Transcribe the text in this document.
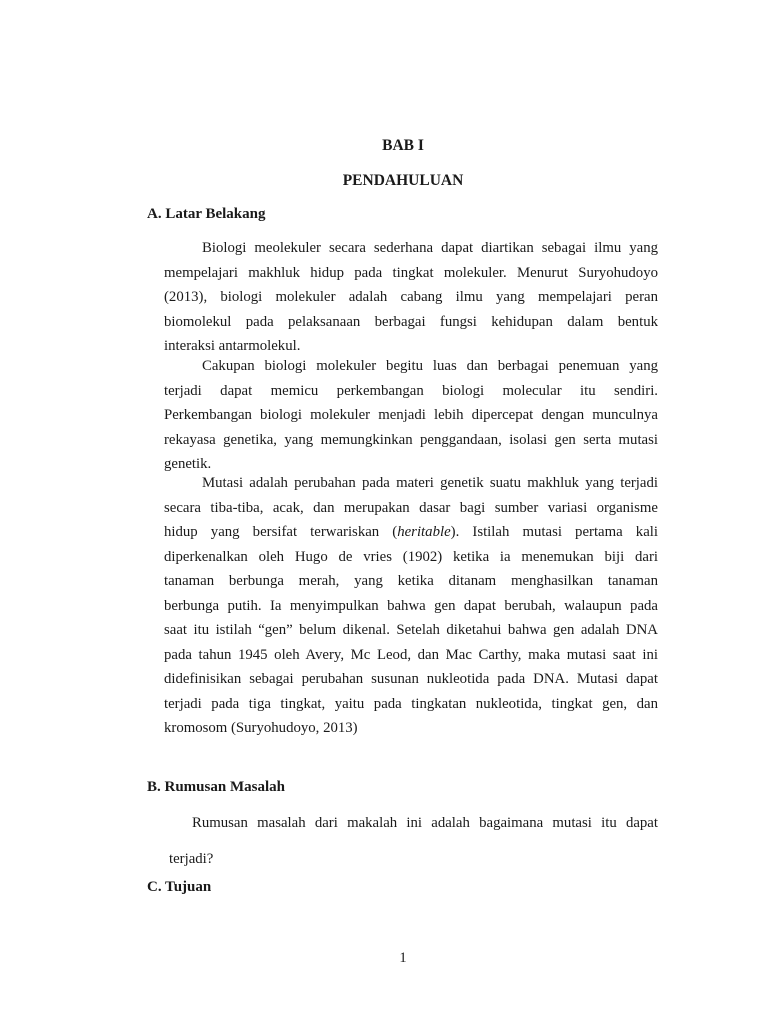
BAB I
PENDAHULUAN
A. Latar Belakang
Biologi meolekuler secara sederhana dapat diartikan sebagai ilmu yang
mempelajari makhluk hidup pada tingkat molekuler. Menurut Suryohudoyo
(2013), biologi molekuler adalah cabang ilmu yang mempelajari peran
biomolekul pada pelaksanaan berbagai fungsi kehidupan dalam bentuk
interaksi antarmolekul.
Cakupan biologi molekuler begitu luas dan berbagai penemuan yang
terjadi dapat memicu perkembangan biologi molecular itu sendiri.
Perkembangan biologi molekuler menjadi lebih dipercepat dengan munculnya
rekayasa genetika, yang memungkinkan penggandaan, isolasi gen serta mutasi
genetik.
Mutasi adalah perubahan pada materi genetik suatu makhluk yang terjadi
secara tiba-tiba, acak, dan merupakan dasar bagi sumber variasi organisme
hidup yang bersifat terwariskan (heritable). Istilah mutasi pertama kali
diperkenalkan oleh Hugo de vries (1902) ketika ia menemukan biji dari
tanaman berbunga merah, yang ketika ditanam menghasilkan tanaman
berbunga putih. Ia menyimpulkan bahwa gen dapat berubah, walaupun pada
saat itu istilah “gen” belum dikenal. Setelah diketahui bahwa gen adalah DNA
pada tahun 1945 oleh Avery, Mc Leod, dan Mac Carthy, maka mutasi saat ini
didefinisikan sebagai perubahan susunan nukleotida pada DNA. Mutasi dapat
terjadi pada tiga tingkat, yaitu pada tingkatan nukleotida, tingkat gen, dan
kromosom (Suryohudoyo, 2013)
B. Rumusan Masalah
Rumusan masalah dari makalah ini adalah bagaimana mutasi itu dapat
terjadi?
C. Tujuan
1
